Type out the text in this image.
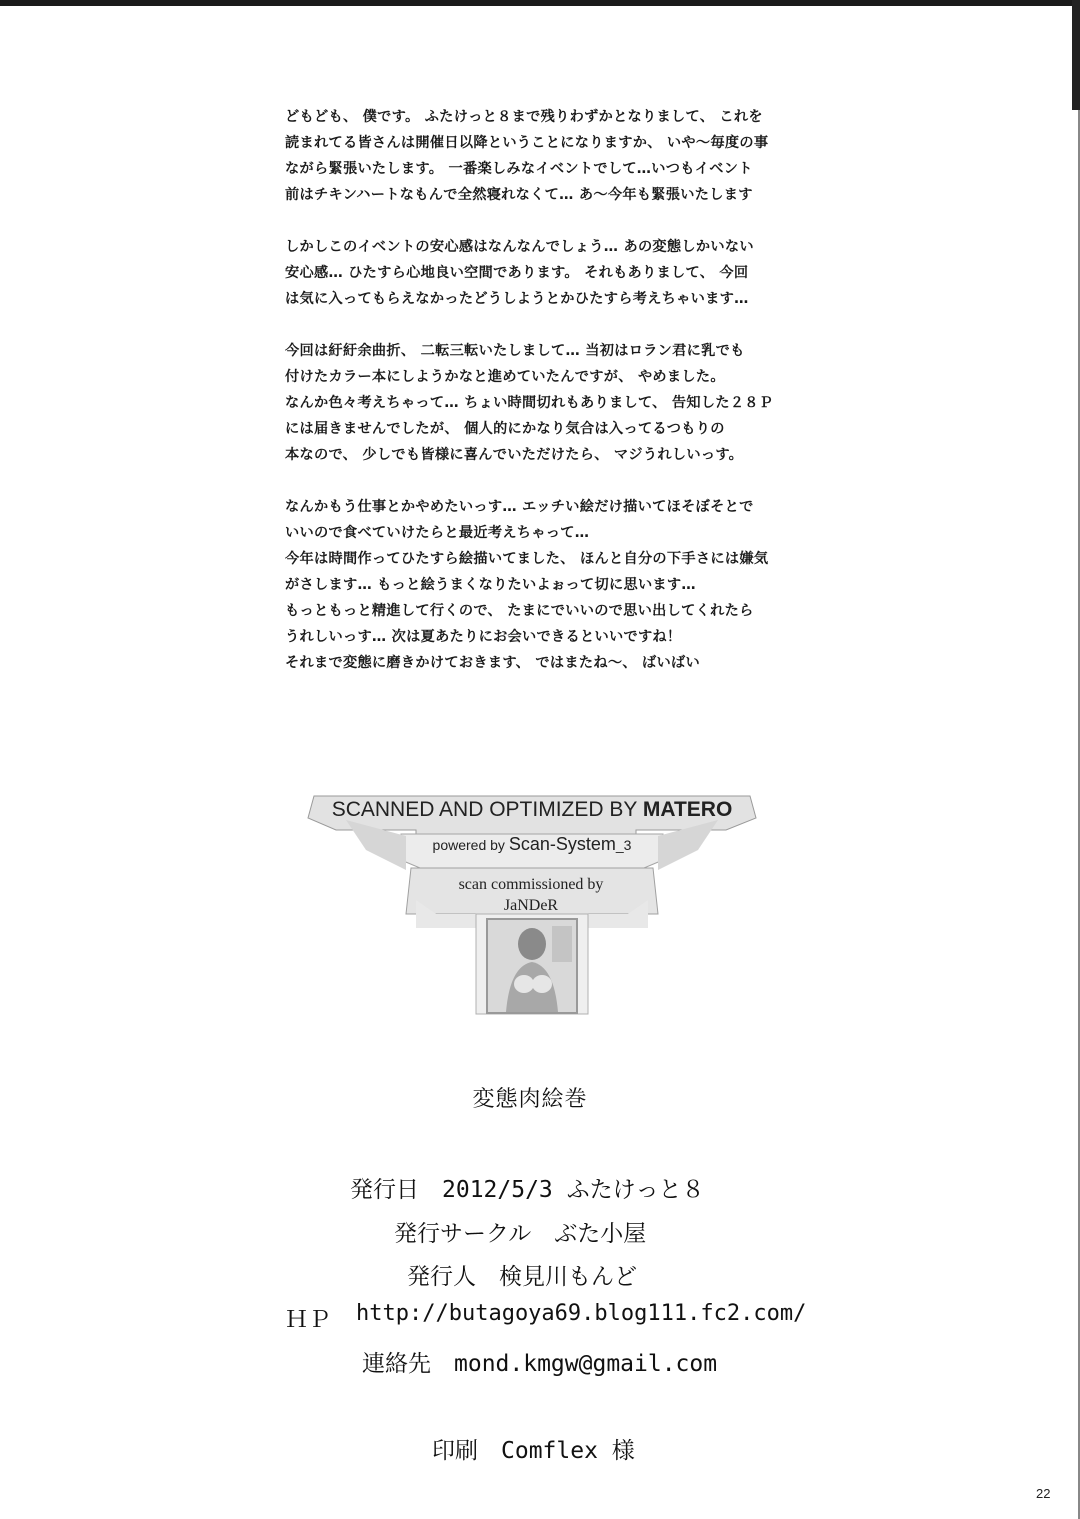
どもども、 僕です。 ふたけっと８まで残りわずかとなりまして、 これを
読まれてる皆さんは開催日以降ということになりますか、 いや～毎度の事
ながら緊張いたします。 一番楽しみなイベントでして…いつもイベント
前はチキンハートなもんで全然寝れなくて… あ～今年も緊張いたします
しかしこのイベントの安心感はなんなんでしょう… あの変態しかいない
安心感… ひたすら心地良い空間であります。 それもありまして、 今回
は気に入ってもらえなかったどうしようとかひたすら考えちゃいます…
今回は紆紆余曲折、 二転三転いたしまして… 当初はロラン君に乳でも
付けたカラー本にしようかなと進めていたんですが、 やめました。
なんか色々考えちゃって… ちょい時間切れもありまして、 告知した２８Ｐ
には届きませんでしたが、 個人的にかなり気合は入ってるつもりの
本なので、 少しでも皆様に喜んでいただけたら、 マジうれしいっす。
なんかもう仕事とかやめたいっす… エッチい絵だけ描いてほそぼそとで
いいので食べていけたらと最近考えちゃって…
今年は時間作ってひたすら絵描いてました、 ほんと自分の下手さには嫌気
がさします… もっと絵うまくなりたいよぉって切に思います…
もっともっと精進して行くので、 たまにでいいので思い出してくれたら
うれしいっす… 次は夏あたりにお会いできるといいですね！
それまで変態に磨きかけておきます、 ではまたね～、 ばいばい
SCANNED AND OPTIMIZED BY MATERO
powered by Scan-System_3
scan commissioned by
JaNDeR
変態肉絵巻
発行日　2012/5/3 ふたけっと８
発行サークル　ぶた小屋
発行人　検見川もんど
ＨＰ http://butagoya69.blog111.fc2.com/
連絡先　mond.kmgw@gmail.com
印刷　Comflex 様
22
